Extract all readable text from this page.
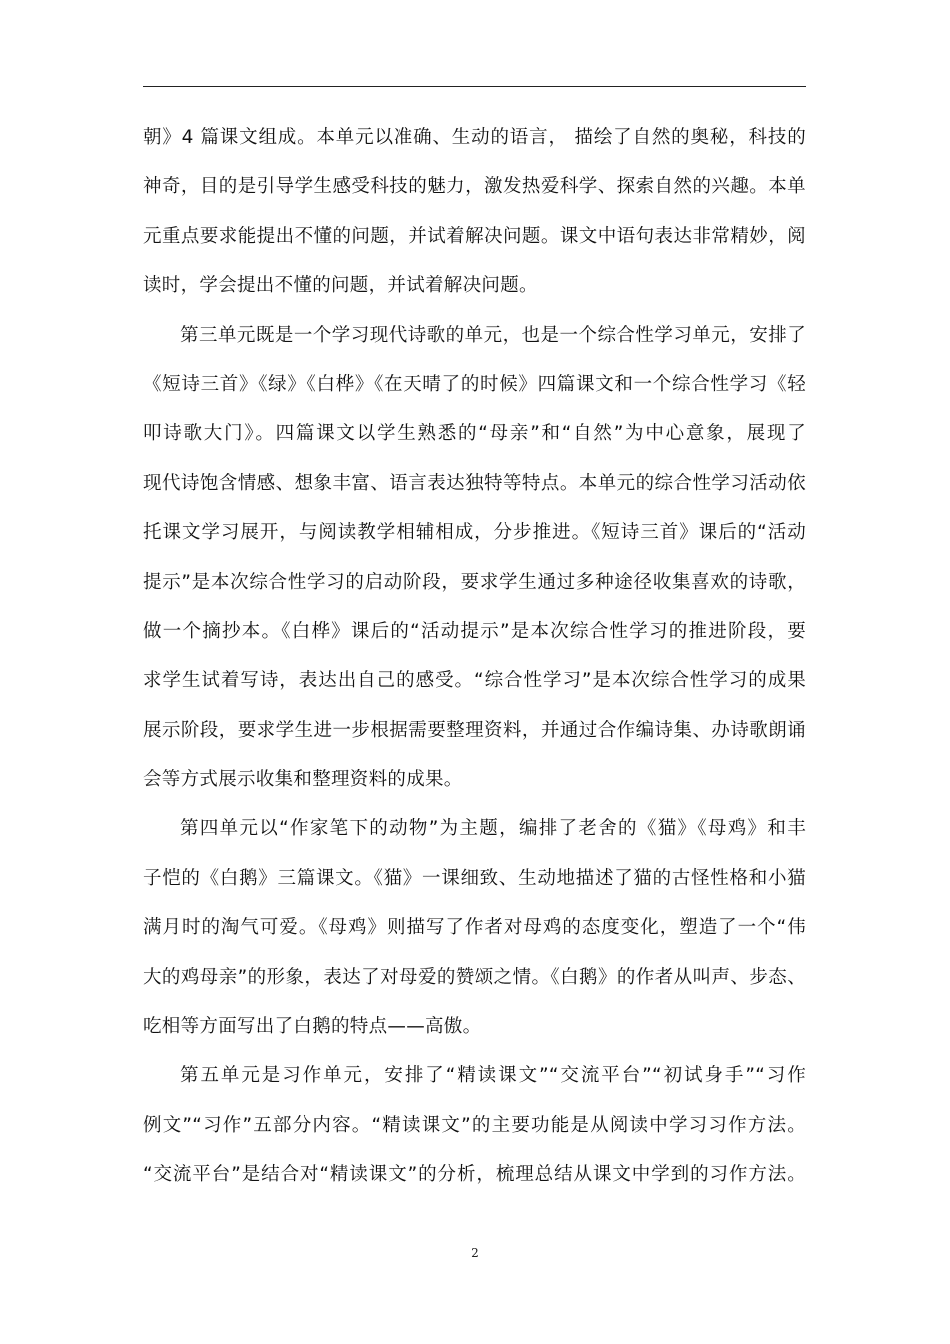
朝》4 篇课文组成。本单元以准确、生动的语言， 描绘了自然的奥秘，科技的
神奇，目的是引导学生感受科技的魅力，激发热爱科学、探索自然的兴趣。本单
元重点要求能提出不懂的问题，并试着解决问题。课文中语句表达非常精妙，阅
读时，学会提出不懂的问题，并试着解决问题。
第三单元既是一个学习现代诗歌的单元，也是一个综合性学习单元，安排了
《短诗三首》《绿》《白桦》《在天晴了的时候》四篇课文和一个综合性学习《轻
叩诗歌大门》。四篇课文以学生熟悉的“母亲”和“自然”为中心意象，展现了
现代诗饱含情感、想象丰富、语言表达独特等特点。本单元的综合性学习活动依
托课文学习展开，与阅读教学相辅相成，分步推进。《短诗三首》课后的“活动
提示”是本次综合性学习的启动阶段，要求学生通过多种途径收集喜欢的诗歌，
做一个摘抄本。《白桦》课后的“活动提示”是本次综合性学习的推进阶段，要
求学生试着写诗，表达出自己的感受。“综合性学习”是本次综合性学习的成果
展示阶段，要求学生进一步根据需要整理资料，并通过合作编诗集、办诗歌朗诵
会等方式展示收集和整理资料的成果。
第四单元以“作家笔下的动物”为主题，编排了老舍的《猫》《母鸡》和丰
子恺的《白鹅》三篇课文。《猫》一课细致、生动地描述了猫的古怪性格和小猫
满月时的淘气可爱。《母鸡》则描写了作者对母鸡的态度变化，塑造了一个“伟
大的鸡母亲”的形象，表达了对母爱的赞颂之情。《白鹅》的作者从叫声、步态、
吃相等方面写出了白鹅的特点——高傲。
第五单元是习作单元，安排了“精读课文”“交流平台”“初试身手”“习作
例文”“习作”五部分内容。“精读课文”的主要功能是从阅读中学习习作方法。
“交流平台”是结合对“精读课文”的分析，梳理总结从课文中学到的习作方法。
2
